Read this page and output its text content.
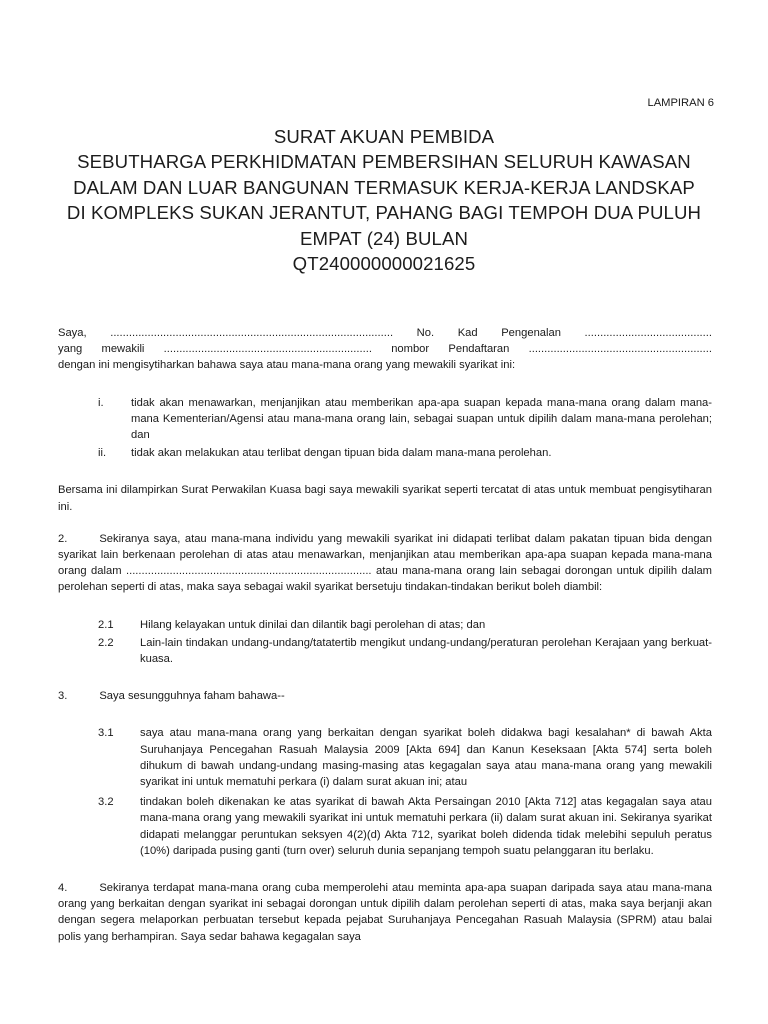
LAMPIRAN 6
SURAT AKUAN PEMBIDA
SEBUTHARGA PERKHIDMATAN PEMBERSIHAN SELURUH KAWASAN
DALAM DAN LUAR BANGUNAN TERMASUK KERJA-KERJA LANDSKAP
DI KOMPLEKS SUKAN JERANTUT, PAHANG BAGI TEMPOH DUA PULUH
EMPAT (24) BULAN
QT240000000021625

Saya, ........................................................................................... No. Kad Pengenalan .........................................

yang mewakili ................................................................... nombor Pendaftaran ...........................................................

dengan ini mengisytiharkan bahawa saya atau mana-mana orang yang mewakili syarikat ini:

i.	tidak akan menawarkan, menjanjikan atau memberikan apa-apa suapan kepada mana-mana orang dalam mana-mana Kementerian/Agensi atau mana-mana orang lain, sebagai suapan untuk dipilih dalam mana-mana perolehan; dan
ii.	tidak akan melakukan atau terlibat dengan tipuan bida dalam mana-mana perolehan.

Bersama ini dilampirkan Surat Perwakilan Kuasa bagi saya mewakili syarikat seperti tercatat di atas untuk membuat pengisytiharan ini.

2.	Sekiranya saya, atau mana-mana individu yang mewakili syarikat ini didapati terlibat dalam pakatan tipuan bida dengan syarikat lain berkenaan perolehan di atas atau menawarkan, menjanjikan atau memberikan apa-apa suapan kepada mana-mana orang dalam ............................................................................... atau mana-mana orang lain sebagai dorongan untuk dipilih dalam perolehan seperti di atas, maka saya sebagai wakil syarikat bersetuju tindakan-tindakan berikut boleh diambil:

2.1	Hilang kelayakan untuk dinilai dan dilantik bagi perolehan di atas; dan
2.2	Lain-lain tindakan undang-undang/tatatertib mengikut undang-undang/peraturan perolehan Kerajaan yang berkuat-kuasa.

3.	Saya sesungguhnya faham bahawa--

3.1	saya atau mana-mana orang yang berkaitan dengan syarikat boleh didakwa bagi kesalahan* di bawah Akta Suruhanjaya Pencegahan Rasuah Malaysia 2009 [Akta 694] dan Kanun Keseksaan [Akta 574] serta boleh dihukum di bawah undang-undang masing-masing atas kegagalan saya atau mana-mana orang yang mewakili syarikat ini untuk mematuhi perkara (i) dalam surat akuan ini; atau
3.2	tindakan boleh dikenakan ke atas syarikat di bawah Akta Persaingan 2010 [Akta 712] atas kegagalan saya atau mana-mana orang yang mewakili syarikat ini untuk mematuhi perkara (ii) dalam surat akuan ini. Sekiranya syarikat didapati melanggar peruntukan seksyen 4(2)(d) Akta 712, syarikat boleh didenda tidak melebihi sepuluh peratus (10%) daripada pusing ganti (turn over) seluruh dunia sepanjang tempoh suatu pelanggaran itu berlaku.

4.	Sekiranya terdapat mana-mana orang cuba memperolehi atau meminta apa-apa suapan daripada saya atau mana-mana orang yang berkaitan dengan syarikat ini sebagai dorongan untuk dipilih dalam perolehan seperti di atas, maka saya berjanji akan dengan segera melaporkan perbuatan tersebut kepada pejabat Suruhanjaya Pencegahan Rasuah Malaysia (SPRM) atau balai polis yang berhampiran. Saya sedar bahawa kegagalan saya
